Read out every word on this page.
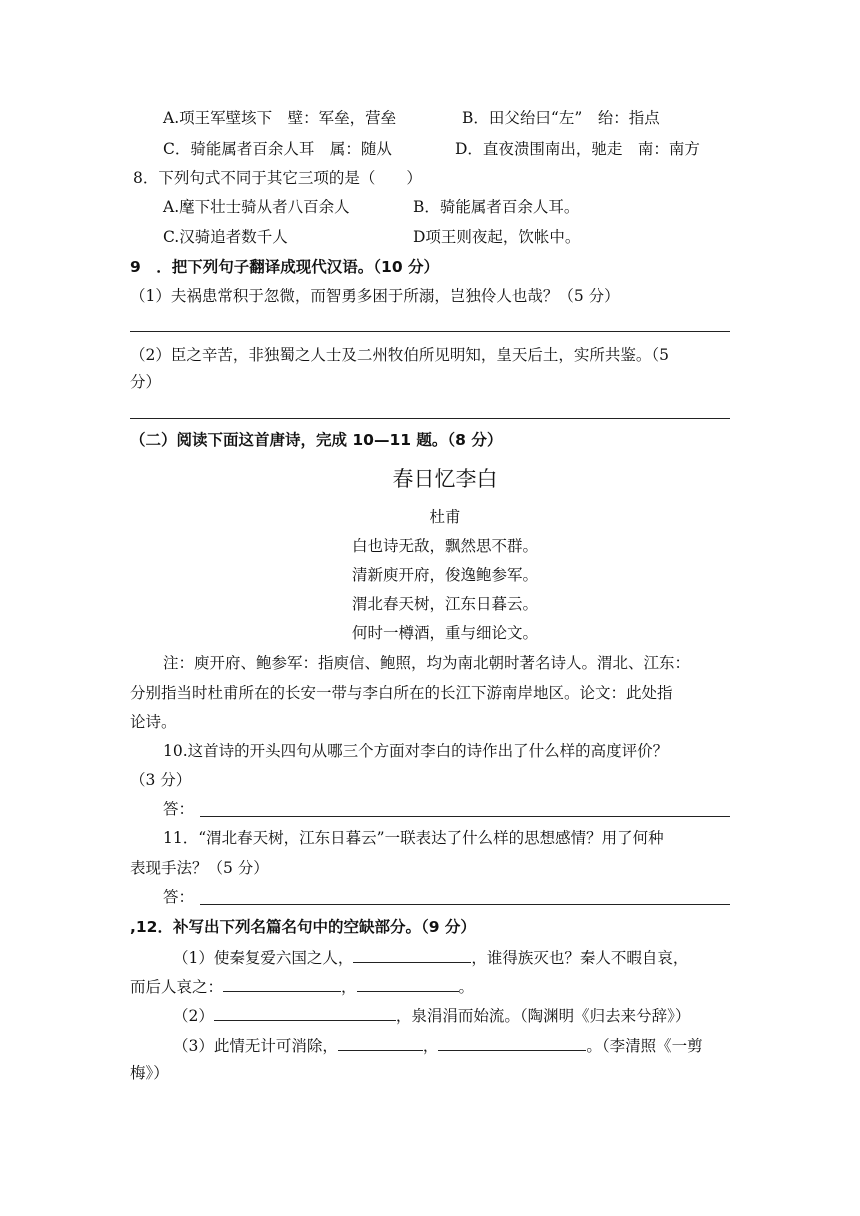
A.项王军壁垓下　壁：军垒，营垒	B．田父绐曰“左”　绐：指点
C．骑能属者百余人耳　属：随从	D．直夜溃围南出，驰走　南：南方
8．下列句式不同于其它三项的是（　　）
A.麾下壮士骑从者八百余人	B．骑能属者百余人耳。
C.汉骑追者数千人	D项王则夜起，饮帐中。
9　．把下列句子翻译成现代汉语。（10 分）
（1）夫祸患常积于忽微，而智勇多困于所溺，岂独伶人也哉？（5 分）
（2）臣之辛苦，非独蜀之人士及二州牧伯所见明知，皇天后土，实所共鉴。（5
分）
（二）阅读下面这首唐诗，完成 10—11 题。（8 分）
春日忆李白
杜甫
白也诗无敌，飘然思不群。
清新庾开府，俊逸鲍参军。
渭北春天树，江东日暮云。
何时一樽酒，重与细论文。
注：庾开府、鲍参军：指庾信、鲍照，均为南北朝时著名诗人。渭北、江东：
分别指当时杜甫所在的长安一带与李白所在的长江下游南岸地区。论文：此处指
论诗。
10.这首诗的开头四句从哪三个方面对李白的诗作出了什么样的高度评价？
（3 分）
答：
11．“渭北春天树，江东日暮云”一联表达了什么样的思想感情？用了何种
表现手法？（5 分）
答：
,12．补写出下列名篇名句中的空缺部分。（9 分）
（1）使秦复爱六国之人，	，谁得族灭也？秦人不暇自哀，
而后人哀之：	，	。
（2）	，泉涓涓而始流。（陶渊明《归去来兮辞》）
（3）此情无计可消除，	，	。（李清照《一剪
梅》）
